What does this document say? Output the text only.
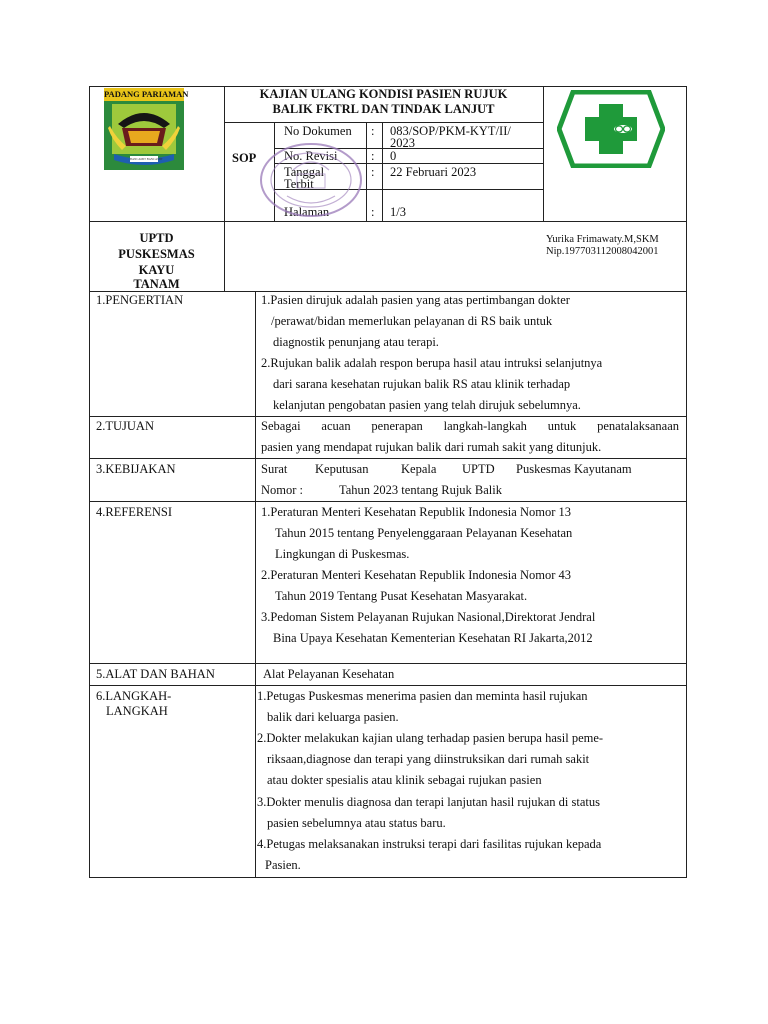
PADANG PARIAMAN
BANCAMIT BANCAMIT
KAJIAN ULANG KONDISI PASIEN RUJUK
BALIK FKTRL DAN TINDAK LANJUT
SOP
No Dokumen : 083/SOP/PKM-KYT/II/
2023
No. Revisi	: 0
Tanggal
Terbit
: 22 Februari 2023
Halaman	: 1/3
UPTD
PUSKESMAS
KAYU
TANAM
Yurika Frimawaty.M,SKM
Nip.197703112008042001
1.PENGERTIAN	1.Pasien dirujuk adalah pasien yang atas pertimbangan dokter
/perawat/bidan memerlukan pelayanan di RS baik untuk
diagnostik penunjang atau terapi.
2.Rujukan balik adalah respon berupa hasil atau intruksi selanjutnya
dari sarana kesehatan rujukan balik RS atau klinik terhadap
kelanjutan pengobatan pasien yang telah dirujuk sebelumnya.
2.TUJUAN	Sebagai acuan penerapan langkah-langkah untuk penatalaksanaan
pasien yang mendapat rujukan balik dari rumah sakit yang ditunjuk.
3.KEBIJAKAN	Surat Keputusan	Kepala UPTD Puskesmas Kayutanam
Nomor :	Tahun 2023 tentang Rujuk Balik
4.REFERENSI	1.Peraturan Menteri Kesehatan Republik Indonesia Nomor 13
Tahun 2015 tentang Penyelenggaraan Pelayanan Kesehatan
Lingkungan di Puskesmas.
2.Peraturan Menteri Kesehatan Republik Indonesia Nomor 43
Tahun 2019 Tentang Pusat Kesehatan Masyarakat.
3.Pedoman Sistem Pelayanan Rujukan Nasional,Direktorat Jendral
Bina Upaya Kesehatan Kementerian Kesehatan RI Jakarta,2012
5.ALAT DAN BAHAN	Alat Pelayanan Kesehatan
6.LANGKAH-
LANGKAH
1.Petugas Puskesmas menerima pasien dan meminta hasil rujukan
balik dari keluarga pasien.
2.Dokter melakukan kajian ulang terhadap pasien berupa hasil peme-
riksaan,diagnose dan terapi yang diinstruksikan dari rumah sakit
atau dokter spesialis atau klinik sebagai rujukan pasien
3.Dokter menulis diagnosa dan terapi lanjutan hasil rujukan di status
pasien sebelumnya atau status baru.
4.Petugas melaksanakan instruksi terapi dari fasilitas rujukan kepada
Pasien.
